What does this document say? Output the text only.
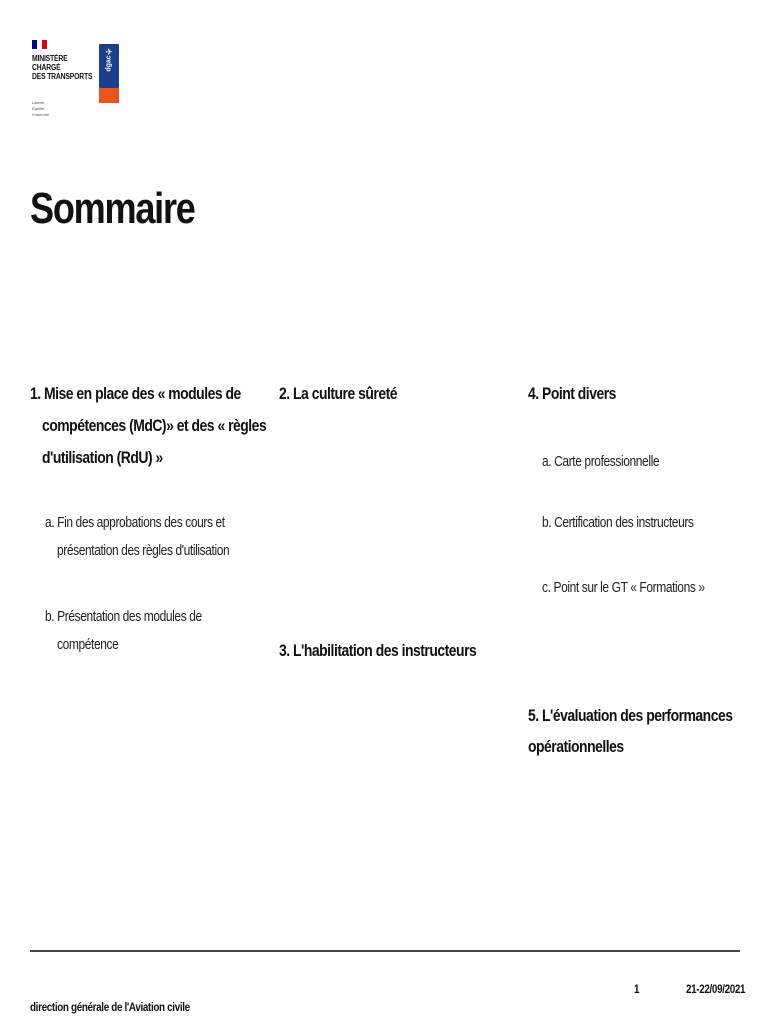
MINISTÈRE
CHARGÉ
DES TRANSPORTS
Liberté
Égalité
Fraternité
✈
dgac
Sommaire
1. Mise en place des « modules de
compétences (MdC)» et des « règles
d'utilisation (RdU) »
a. Fin des approbations des cours et
présentation des règles d'utilisation
b. Présentation des modules de
compétence
2. La culture sûreté
3. L'habilitation des instructeurs
4. Point divers
a. Carte professionnelle
b. Certification des instructeurs
c. Point sur le GT « Formations »
5. L'évaluation des performances
opérationnelles
1	21-22/09/2021
direction générale de l'Aviation civile
